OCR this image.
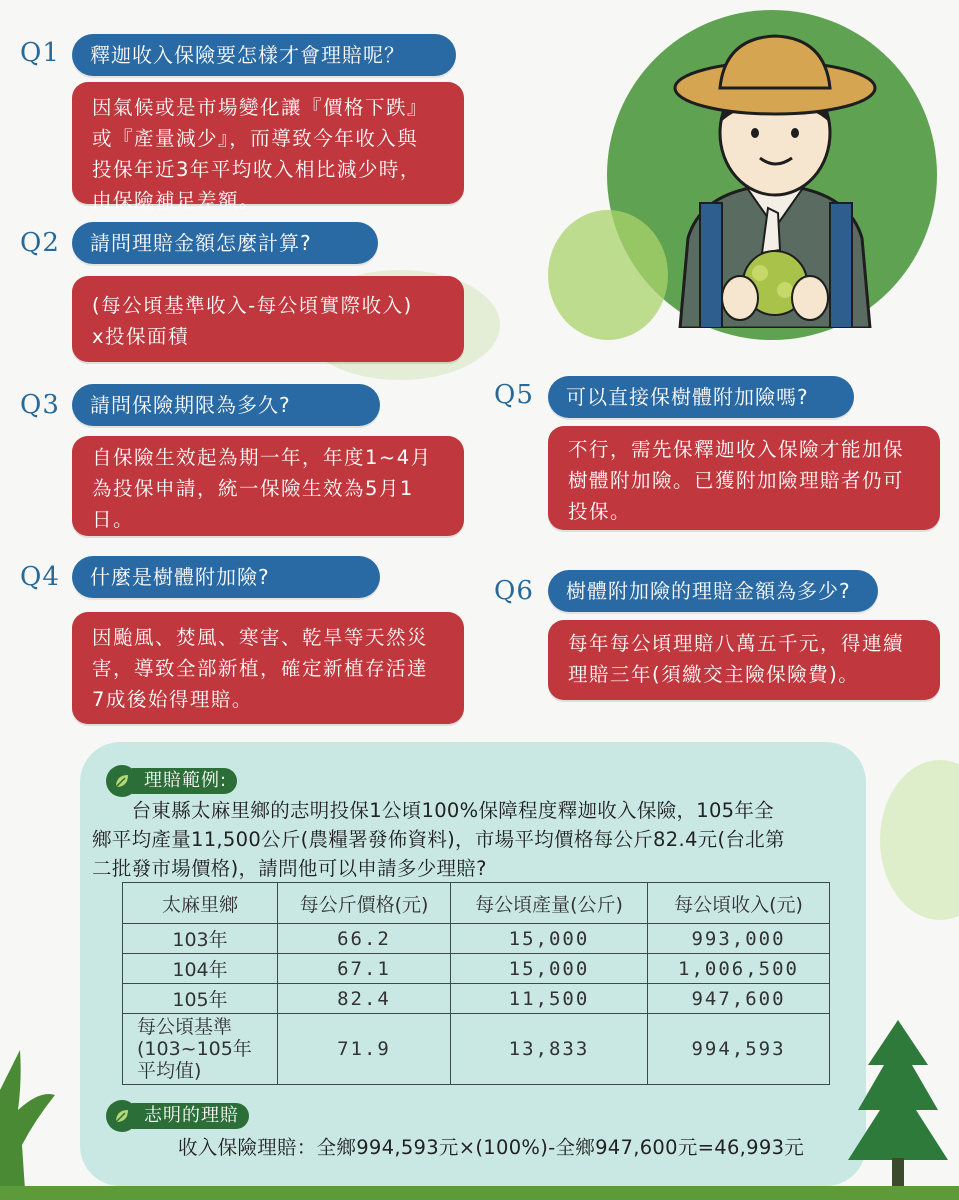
Q1	釋迦收入保險要怎樣才會理賠呢？
因氣候或是市場變化讓『價格下跌』
或『產量減少』，而導致今年收入與
投保年近3年平均收入相比減少時，
由保險補足差額。
Q2	請問理賠金額怎麼計算?
(每公頃基準收入-每公頃實際收入)
x投保面積
Q3	請問保險期限為多久?
自保險生效起為期一年，年度1~4月
為投保申請，統一保險生效為5月1
日。
Q4	什麼是樹體附加險?
因颱風、焚風、寒害、乾旱等天然災
害，導致全部新植，確定新植存活達
7成後始得理賠。
Q5	可以直接保樹體附加險嗎?
不行，需先保釋迦收入保險才能加保
樹體附加險。已獲附加險理賠者仍可
投保。
Q6	樹體附加險的理賠金額為多少?
每年每公頃理賠八萬五千元，得連續
理賠三年(須繳交主險保險費)。
理賠範例:
　　台東縣太麻里鄉的志明投保1公頃100%保障程度釋迦收入保險，105年全
鄉平均產量11,500公斤(農糧署發佈資料)，市場平均價格每公斤82.4元(台北第
二批發市場價格)，請問他可以申請多少理賠?
太麻里鄉	每公斤價格(元)	每公頃產量(公斤)	每公頃收入(元)
103年	66.2	15,000	993,000
104年	67.1	15,000	1,006,500
105年	82.4	11,500	947,600

每公頃基準
(103~105年
平均值)	71.9	13,833	994,593
志明的理賠
收入保險理賠：全鄉994,593元×(100%)-全鄉947,600元=46,993元
